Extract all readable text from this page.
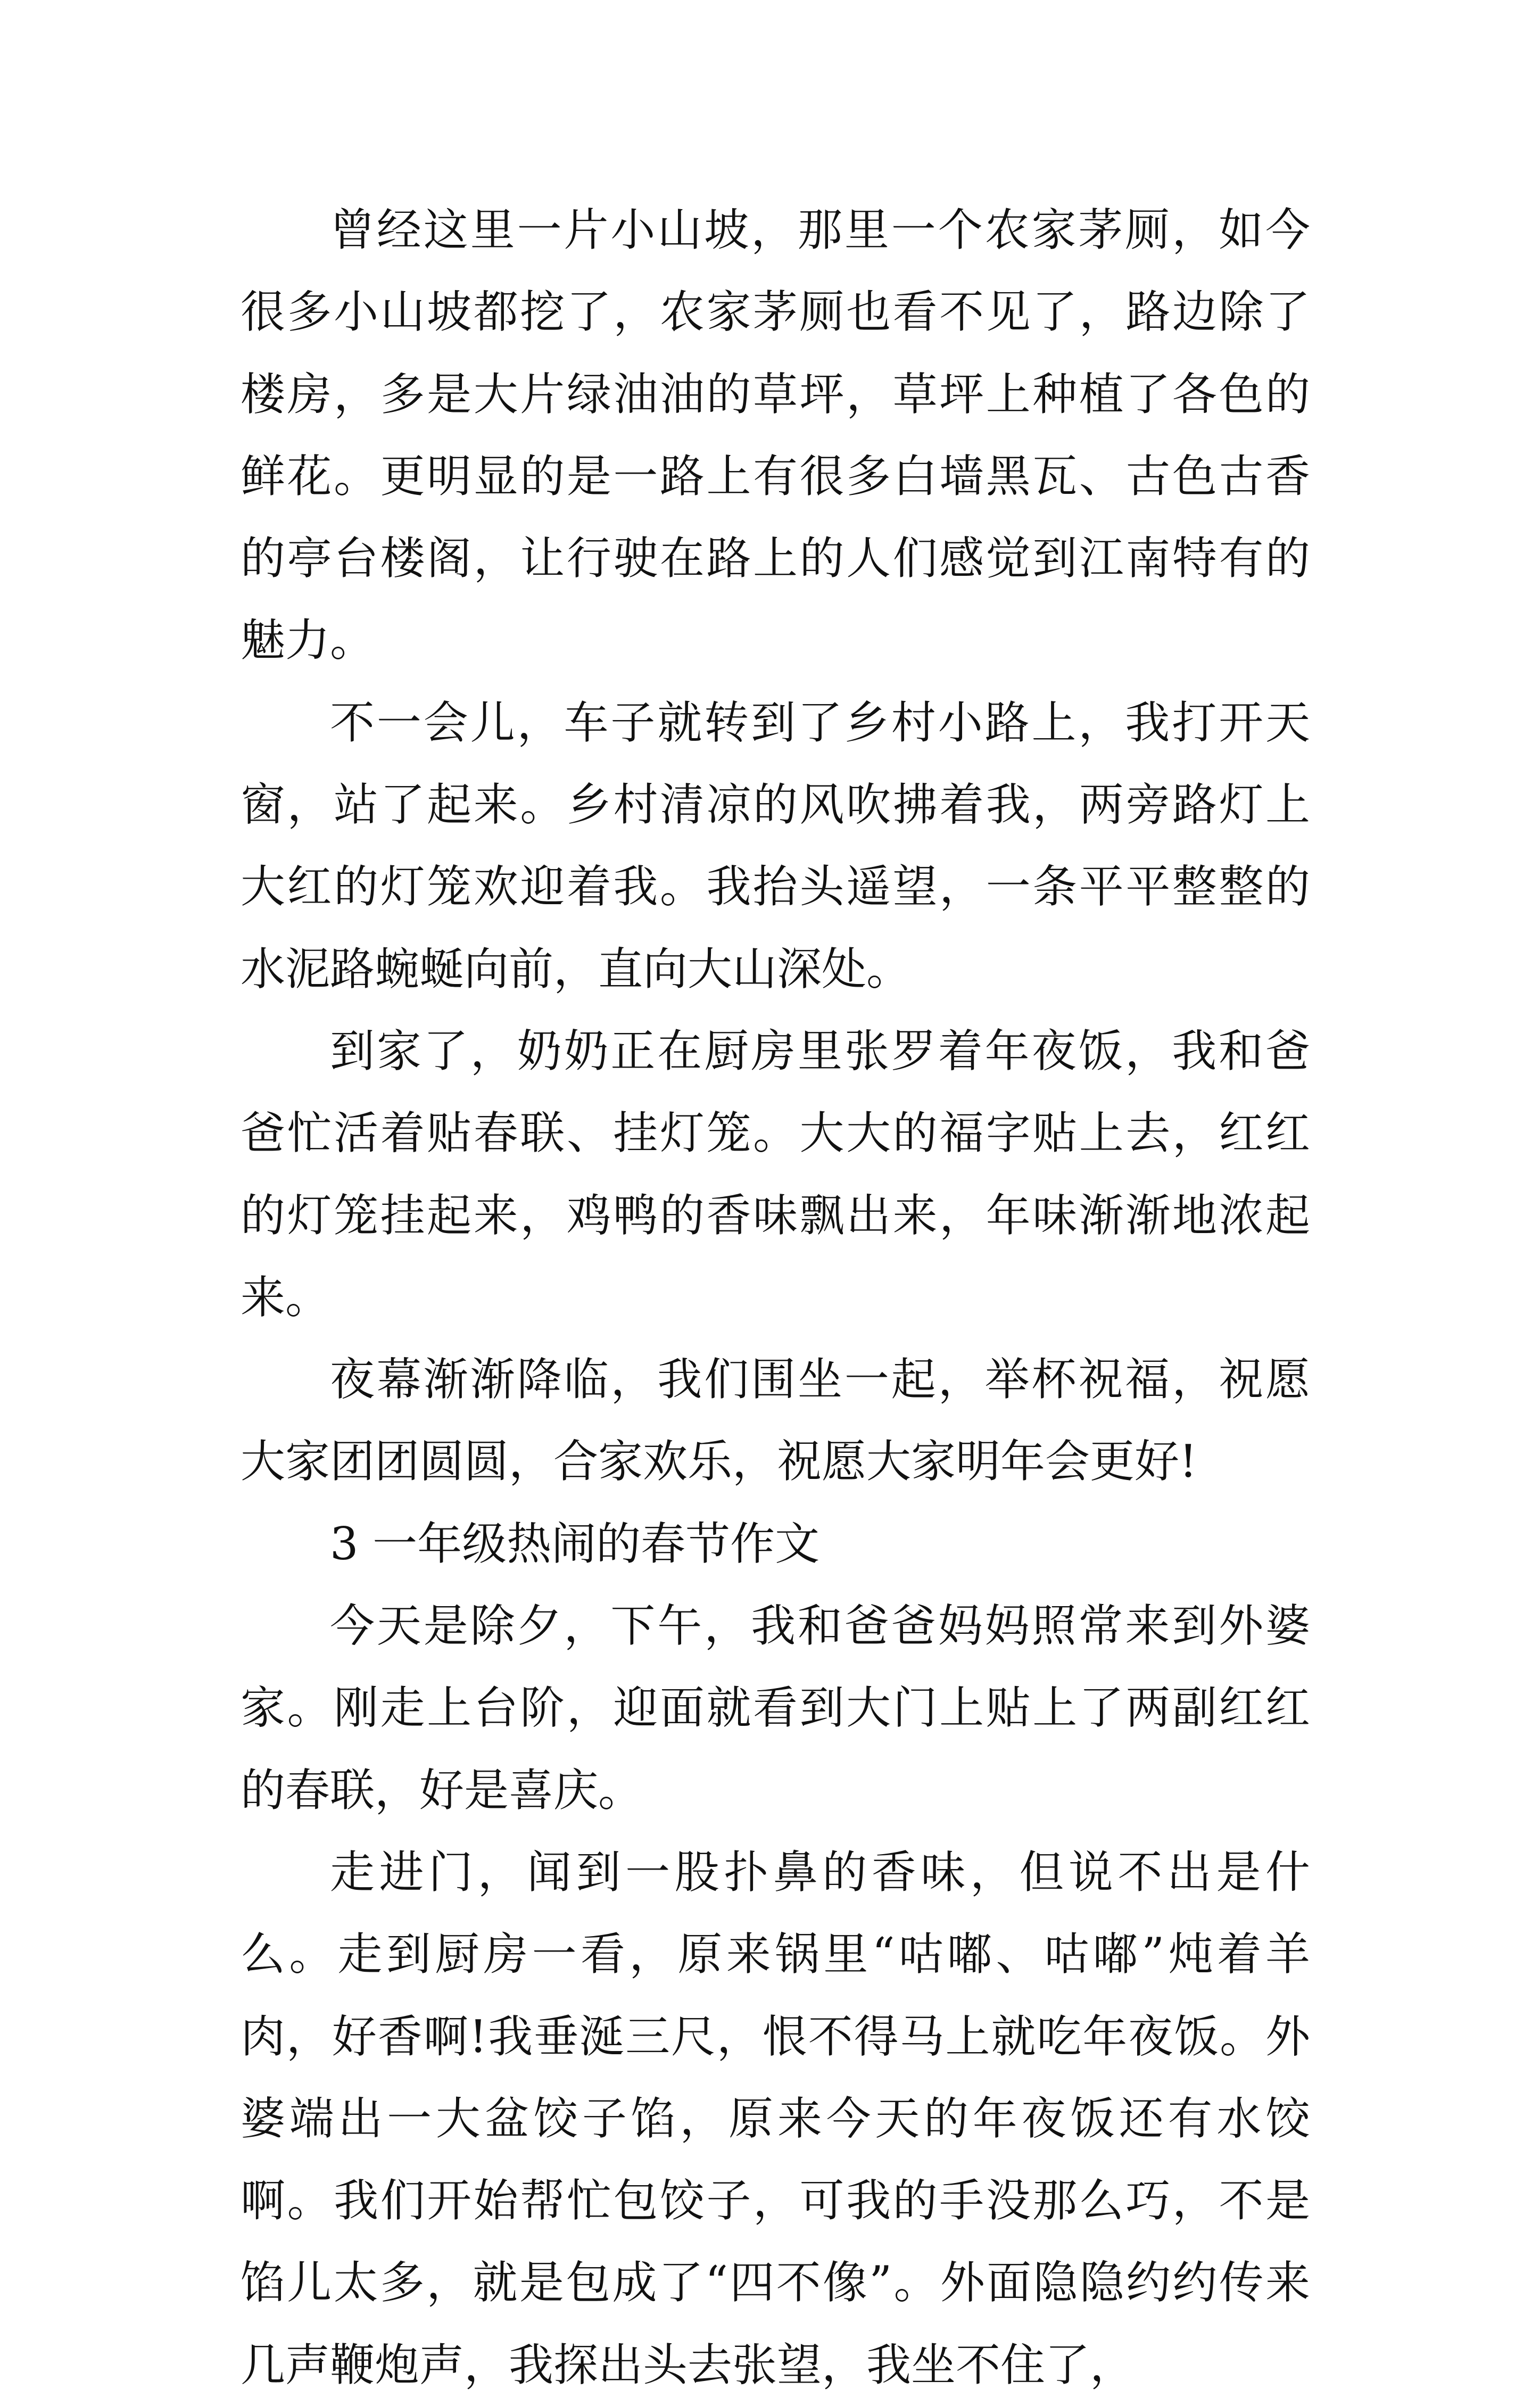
曾经这里一片小山坡，那里一个农家茅厕，如今很多小山坡都挖了，农家茅厕也看不见了，路边除了楼房，多是大片绿油油的草坪，草坪上种植了各色的鲜花。更明显的是一路上有很多白墙黑瓦、古色古香的亭台楼阁，让行驶在路上的人们感觉到江南特有的魅力。

不一会儿，车子就转到了乡村小路上，我打开天窗，站了起来。乡村清凉的风吹拂着我，两旁路灯上大红的灯笼欢迎着我。我抬头遥望，一条平平整整的水泥路蜿蜒向前，直向大山深处。

到家了，奶奶正在厨房里张罗着年夜饭，我和爸爸忙活着贴春联、挂灯笼。大大的福字贴上去，红红的灯笼挂起来，鸡鸭的香味飘出来，年味渐渐地浓起来。

夜幕渐渐降临，我们围坐一起，举杯祝福，祝愿大家团团圆圆，合家欢乐，祝愿大家明年会更好!

3 一年级热闹的春节作文

今天是除夕，下午，我和爸爸妈妈照常来到外婆家。刚走上台阶，迎面就看到大门上贴上了两副红红的春联，好是喜庆。

走进门，闻到一股扑鼻的香味，但说不出是什么。走到厨房一看，原来锅里“咕嘟、咕嘟”炖着羊肉，好香啊!我垂涎三尺，恨不得马上就吃年夜饭。外婆端出一大盆饺子馅，原来今天的年夜饭还有水饺啊。我们开始帮忙包饺子，可我的手没那么巧，不是馅儿太多，就是包成了“四不像”。外面隐隐约约传来几声鞭炮声，我探出头去张望，我坐不住了，
